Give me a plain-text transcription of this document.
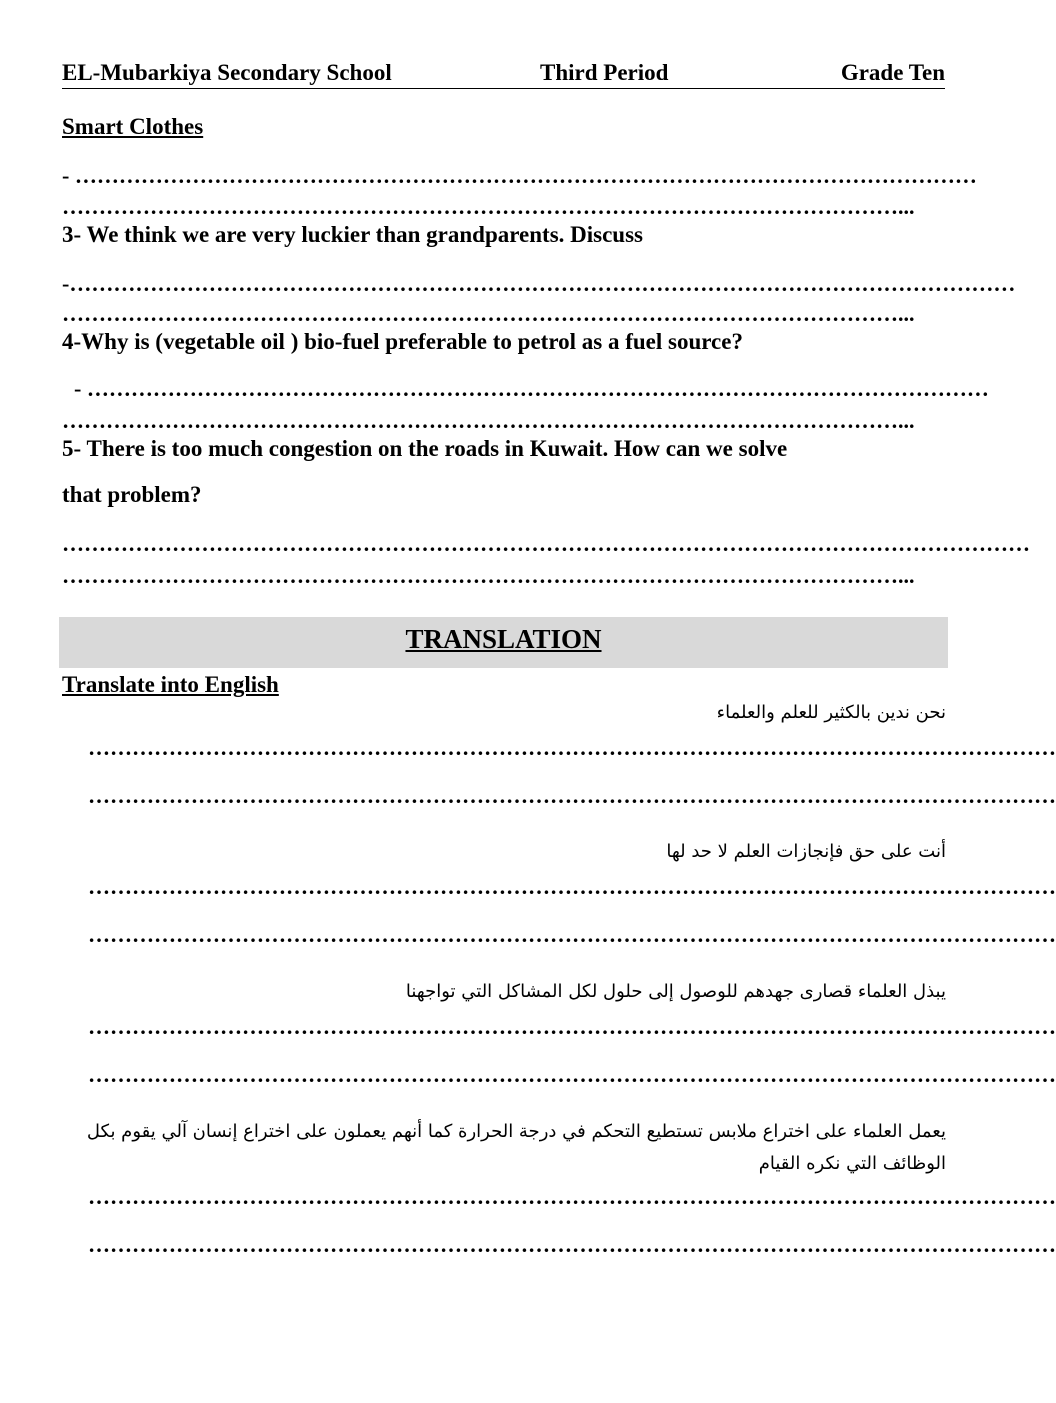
EL-Mubarkiya Secondary School	Third Period	Grade Ten
Smart Clothes
- ……………………………………………………………………………………………………………
……………………………………………………………………………………………………...
3- We think we are very luckier than grandparents. Discuss
-…………………………………………………………………………………………………………………
……………………………………………………………………………………………………...
4-Why is (vegetable oil ) bio-fuel preferable to petrol as a fuel source?
- ……………………………………………………………………………………………………………
……………………………………………………………………………………………………...
5- There is too much congestion on the roads in Kuwait. How can we solve
that problem?
……………………………………………………………………………………………………………………
……………………………………………………………………………………………………...
TRANSLATION
Translate into English
نحن ندين بالكثير للعلم والعلماء
……………………………………………………………………………………………………………………
……………………………………………………………………………………………………………………
أنت على حق فإنجازات العلم لا حد لها
……………………………………………………………………………………………………………………
……………………………………………………………………………………………………………………
يبذل العلماء قصارى جهدهم للوصول إلى حلول لكل المشاكل التي تواجهنا
……………………………………………………………………………………………………………………
……………………………………………………………………………………………………………………
يعمل العلماء على اختراع ملابس تستطيع التحكم في درجة الحرارة كما أنهم يعملون على اختراع إنسان آلي يقوم بكل الوظائف التي نكره القيام
……………………………………………………………………………………………………………………
……………………………………………………………………………………………………………………
